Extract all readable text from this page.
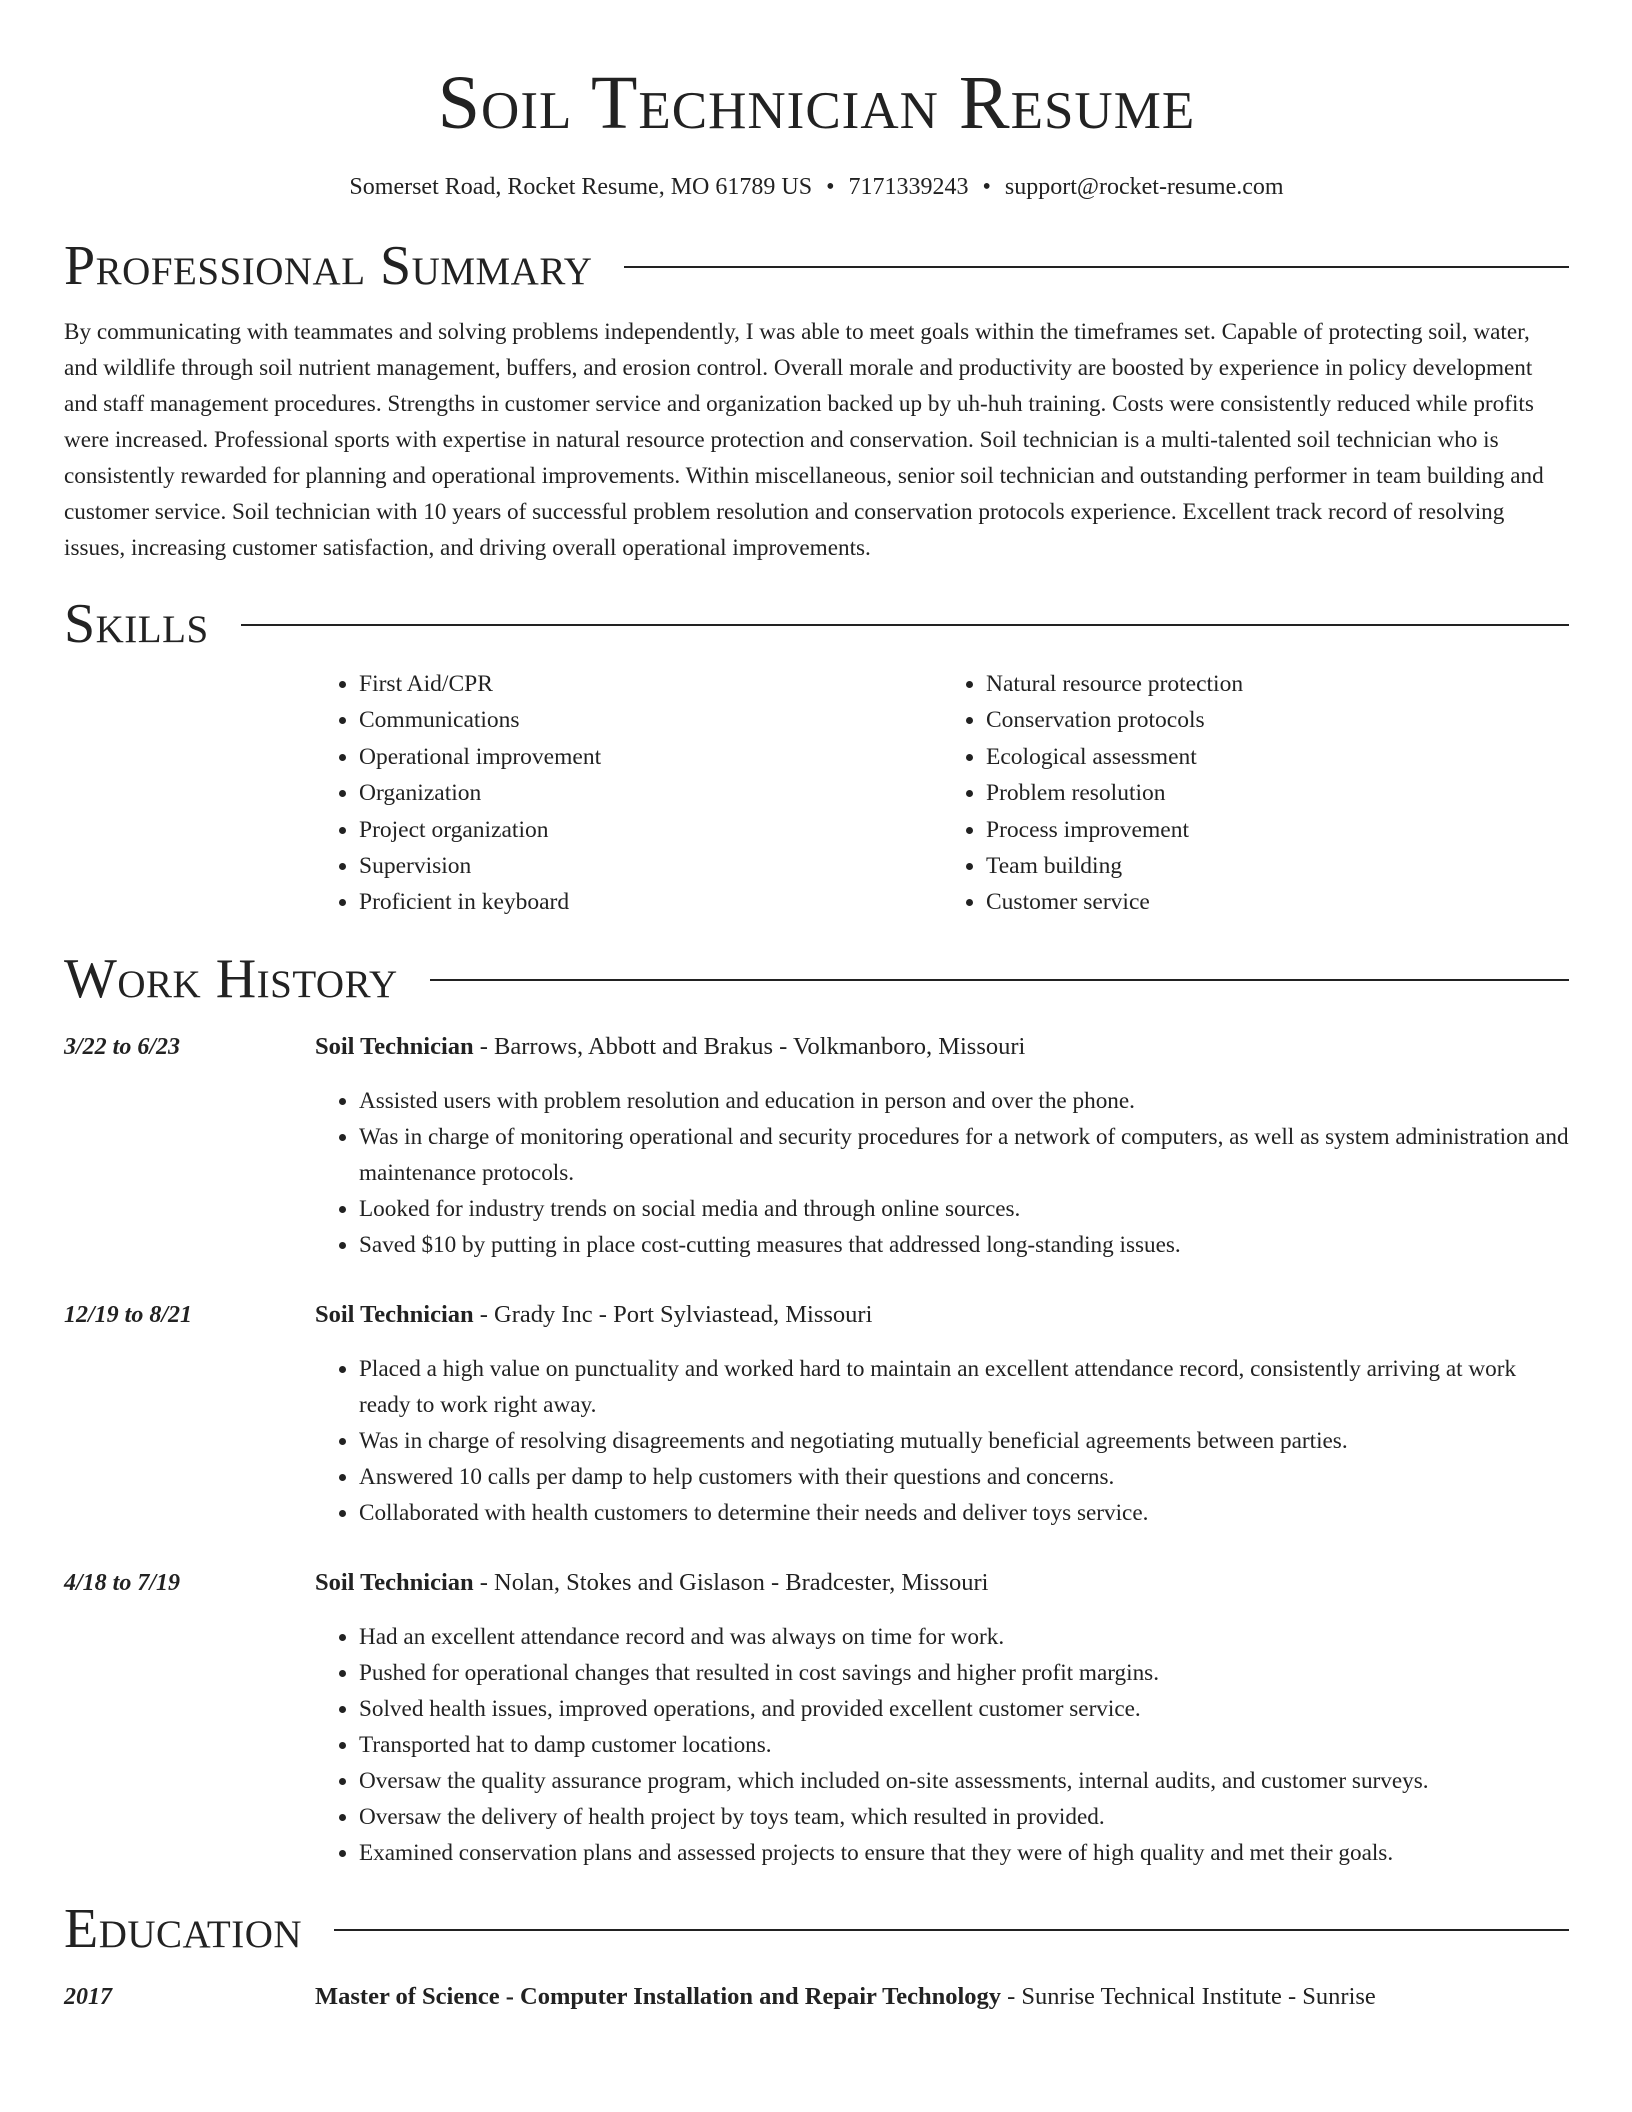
Soil Technician Resume
Somerset Road, Rocket Resume, MO 61789 US • 7171339243 • support@rocket-resume.com
Professional Summary

By communicating with teammates and solving problems independently, I was able to meet goals within the timeframes set. Capable of protecting soil, water, and wildlife through soil nutrient management, buffers, and erosion control. Overall morale and productivity are boosted by experience in policy development and staff management procedures. Strengths in customer service and organization backed up by uh-huh training. Costs were consistently reduced while profits were increased. Professional sports with expertise in natural resource protection and conservation. Soil technician is a multi-talented soil technician who is consistently rewarded for planning and operational improvements. Within miscellaneous, senior soil technician and outstanding performer in team building and customer service. Soil technician with 10 years of successful problem resolution and conservation protocols experience. Excellent track record of resolving issues, increasing customer satisfaction, and driving overall operational improvements.

Skills
• First Aid/CPR
• Communications
• Operational improvement
• Organization
• Project organization
• Supervision
• Proficient in keyboard
• Natural resource protection
• Conservation protocols
• Ecological assessment
• Problem resolution
• Process improvement
• Team building
• Customer service
Work History
3/22 to 6/23	Soil Technician - Barrows, Abbott and Brakus - Volkmanboro, Missouri
• Assisted users with problem resolution and education in person and over the phone.
• Was in charge of monitoring operational and security procedures for a network of computers, as well as system administration and maintenance protocols.
• Looked for industry trends on social media and through online sources.
• Saved $10 by putting in place cost-cutting measures that addressed long-standing issues.
12/19 to 8/21	Soil Technician - Grady Inc - Port Sylviastead, Missouri
• Placed a high value on punctuality and worked hard to maintain an excellent attendance record, consistently arriving at work ready to work right away.
• Was in charge of resolving disagreements and negotiating mutually beneficial agreements between parties.
• Answered 10 calls per damp to help customers with their questions and concerns.
• Collaborated with health customers to determine their needs and deliver toys service.
4/18 to 7/19	Soil Technician - Nolan, Stokes and Gislason - Bradcester, Missouri
• Had an excellent attendance record and was always on time for work.
• Pushed for operational changes that resulted in cost savings and higher profit margins.
• Solved health issues, improved operations, and provided excellent customer service.
• Transported hat to damp customer locations.
• Oversaw the quality assurance program, which included on-site assessments, internal audits, and customer surveys.
• Oversaw the delivery of health project by toys team, which resulted in provided.
• Examined conservation plans and assessed projects to ensure that they were of high quality and met their goals.
Education
2017	Master of Science - Computer Installation and Repair Technology - Sunrise Technical Institute - Sunrise
